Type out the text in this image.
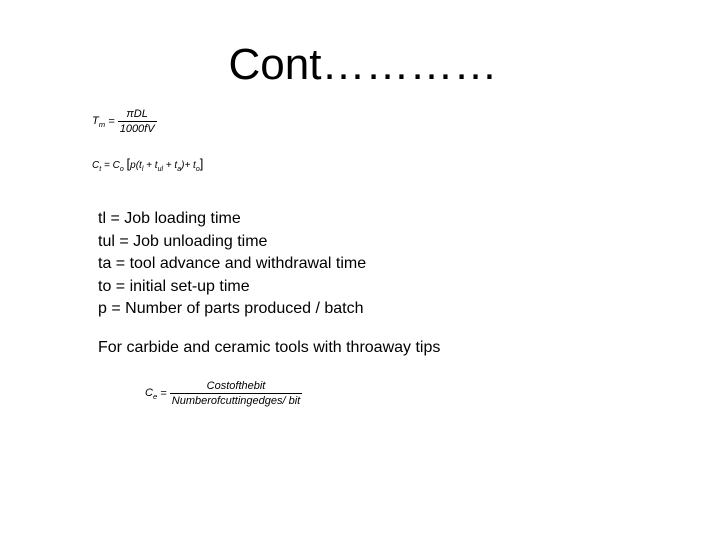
Cont…………
$T_m = \frac{\text{πDL}}{1000fV}$
$C_t = C_o$ $[p(t_l + t_{ul} + t_a)+ t_o]$
tl = Job loading time
tul = Job unloading time
ta = tool advance and withdrawal time
to = initial set-up time
p = Number of parts produced / batch
For carbide and ceramic tools with throaway tips
$C_e = \frac{\text{Costofthebit}}{\text{Numberofcuttingedges/ bit}}$
